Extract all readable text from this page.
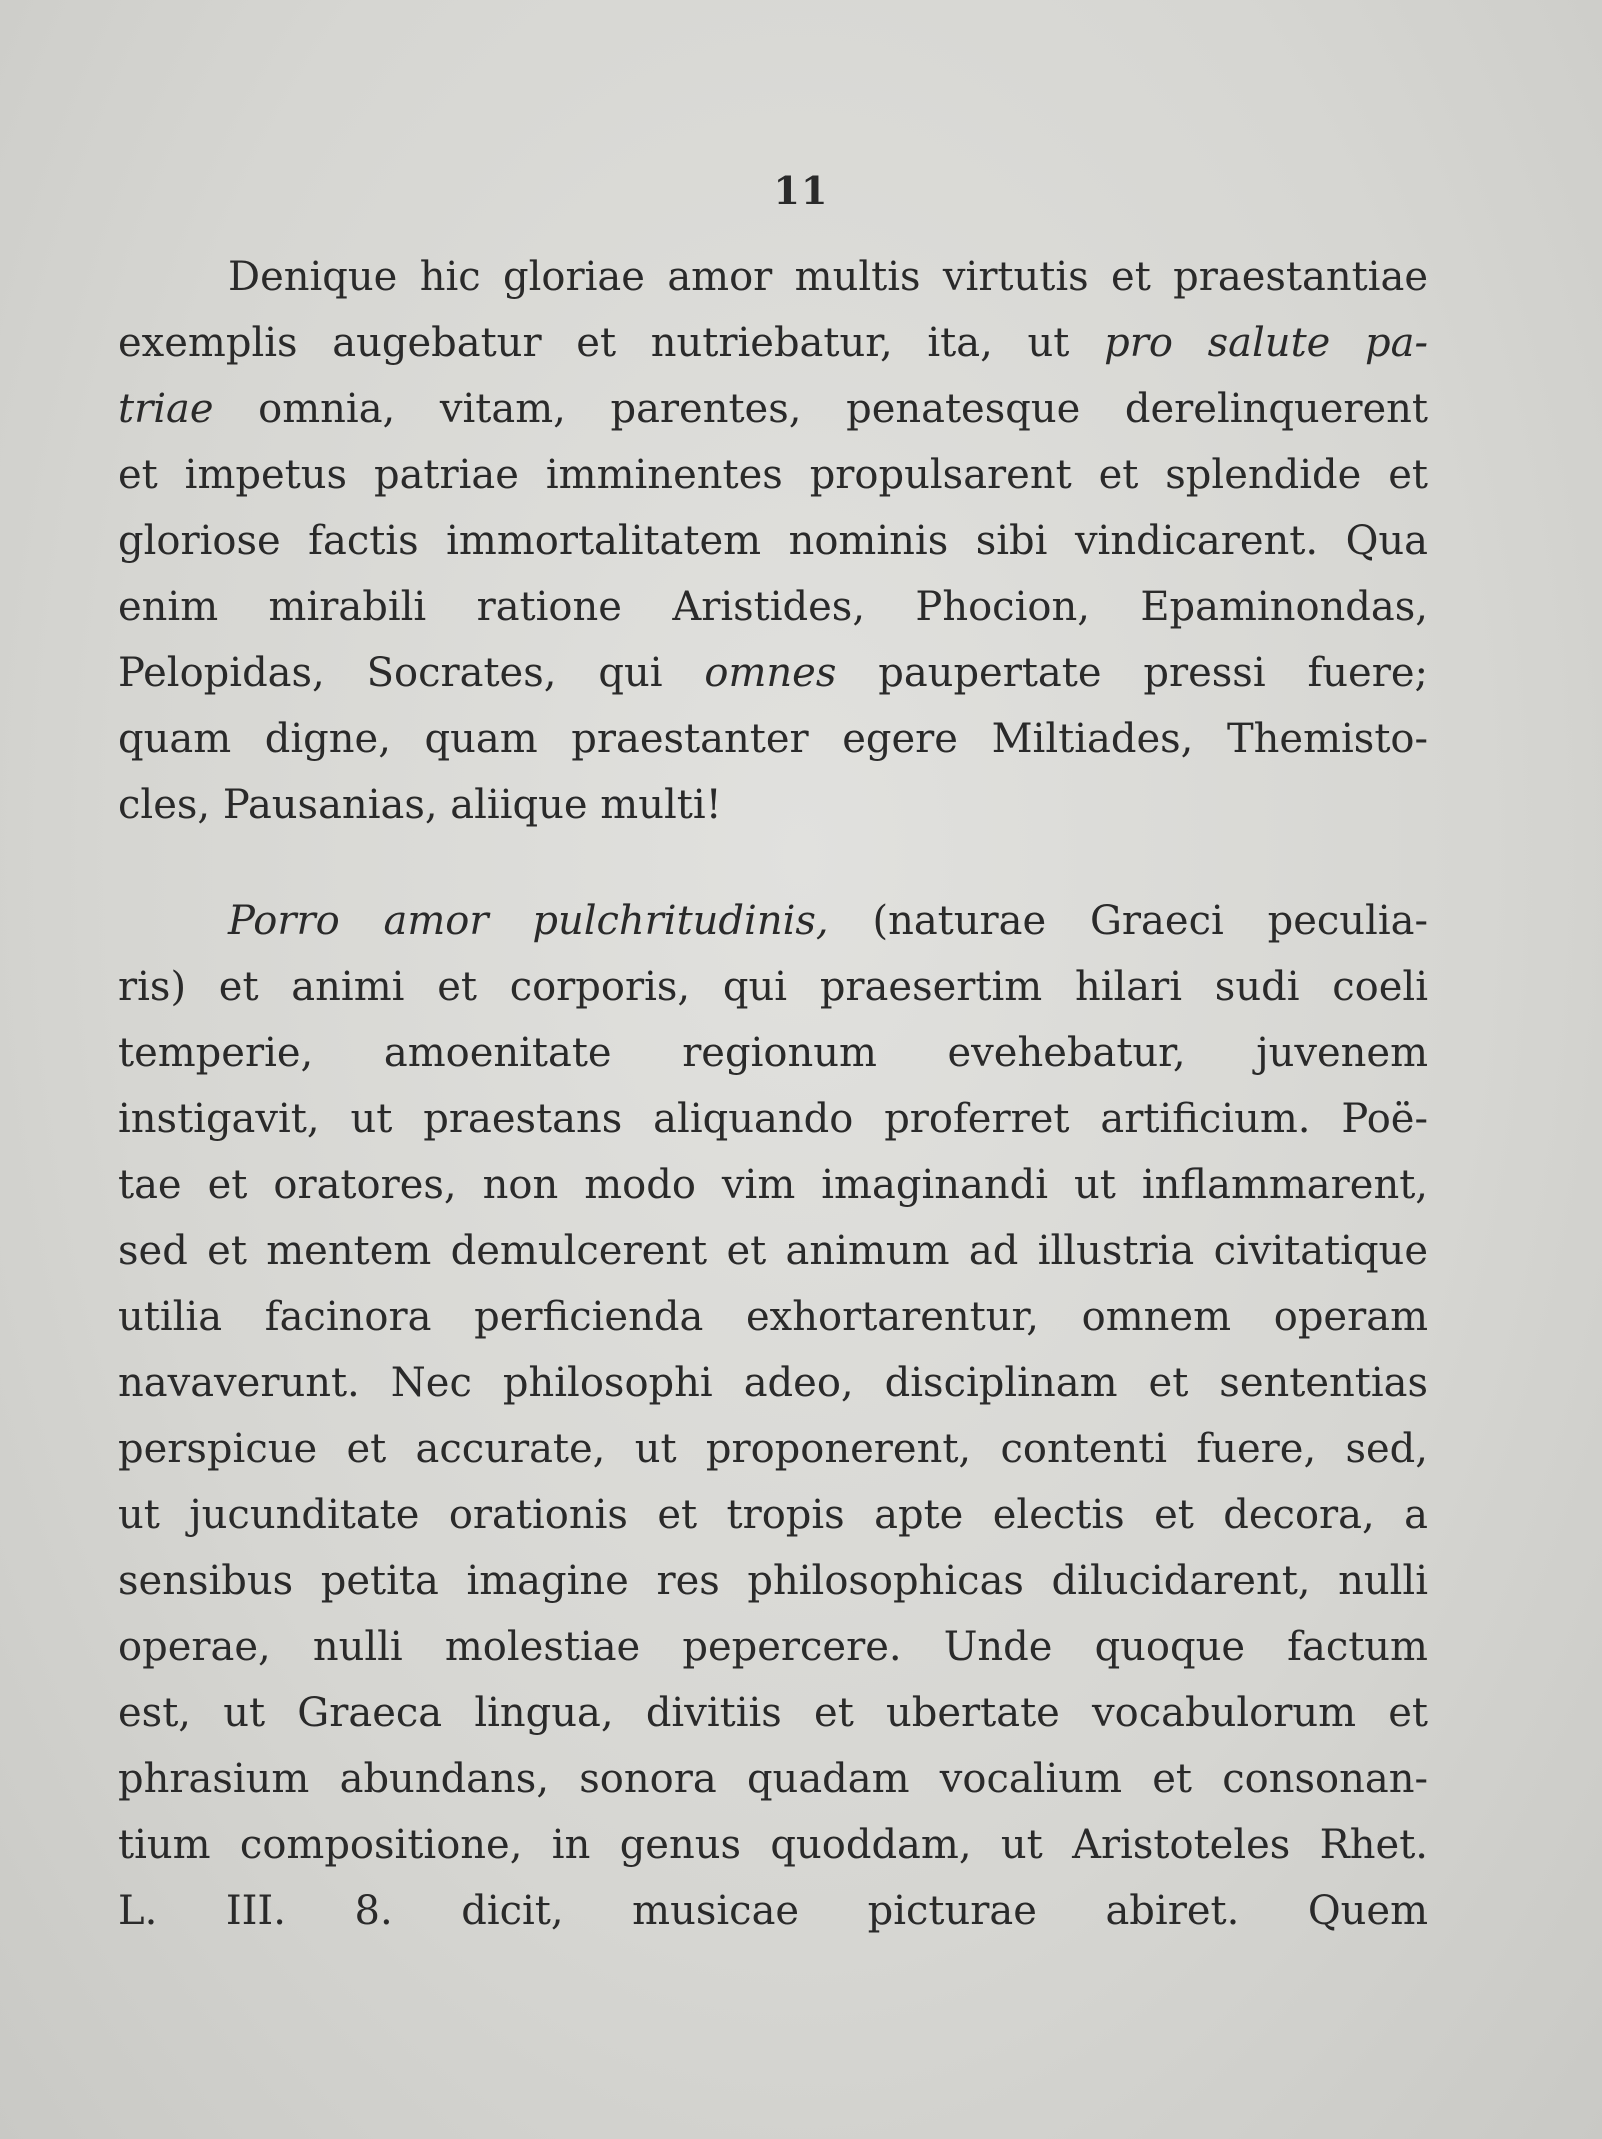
11
Denique hic gloriae amor multis virtutis et praestantiae
exemplis augebatur et nutriebatur, ita, ut pro salute pa-
triae omnia, vitam, parentes, penatesque derelinquerent
et impetus patriae imminentes propulsarent et splendide et
gloriose factis immortalitatem nominis sibi vindicarent. Qua
enim mirabili ratione Aristides, Phocion, Epaminondas,
Pelopidas, Socrates, qui omnes paupertate pressi fuere;
quam digne, quam praestanter egere Miltiades, Themisto-
cles, Pausanias, aliique multi!
Porro amor pulchritudinis, (naturae Graeci peculia-
ris) et animi et corporis, qui praesertim hilari sudi coeli
temperie, amoenitate regionum evehebatur, juvenem
instigavit, ut praestans aliquando proferret artificium. Poë-
tae et oratores, non modo vim imaginandi ut inflammarent,
sed et mentem demulcerent et animum ad illustria civitatique
utilia facinora perficienda exhortarentur, omnem operam
navaverunt. Nec philosophi adeo, disciplinam et sententias
perspicue et accurate, ut proponerent, contenti fuere, sed,
ut jucunditate orationis et tropis apte electis et decora, a
sensibus petita imagine res philosophicas dilucidarent, nulli
operae, nulli molestiae pepercere. Unde quoque factum
est, ut Graeca lingua, divitiis et ubertate vocabulorum et
phrasium abundans, sonora quadam vocalium et consonan-
tium compositione, in genus quoddam, ut Aristoteles Rhet.
L. III. 8. dicit, musicae picturae abiret. Quem
